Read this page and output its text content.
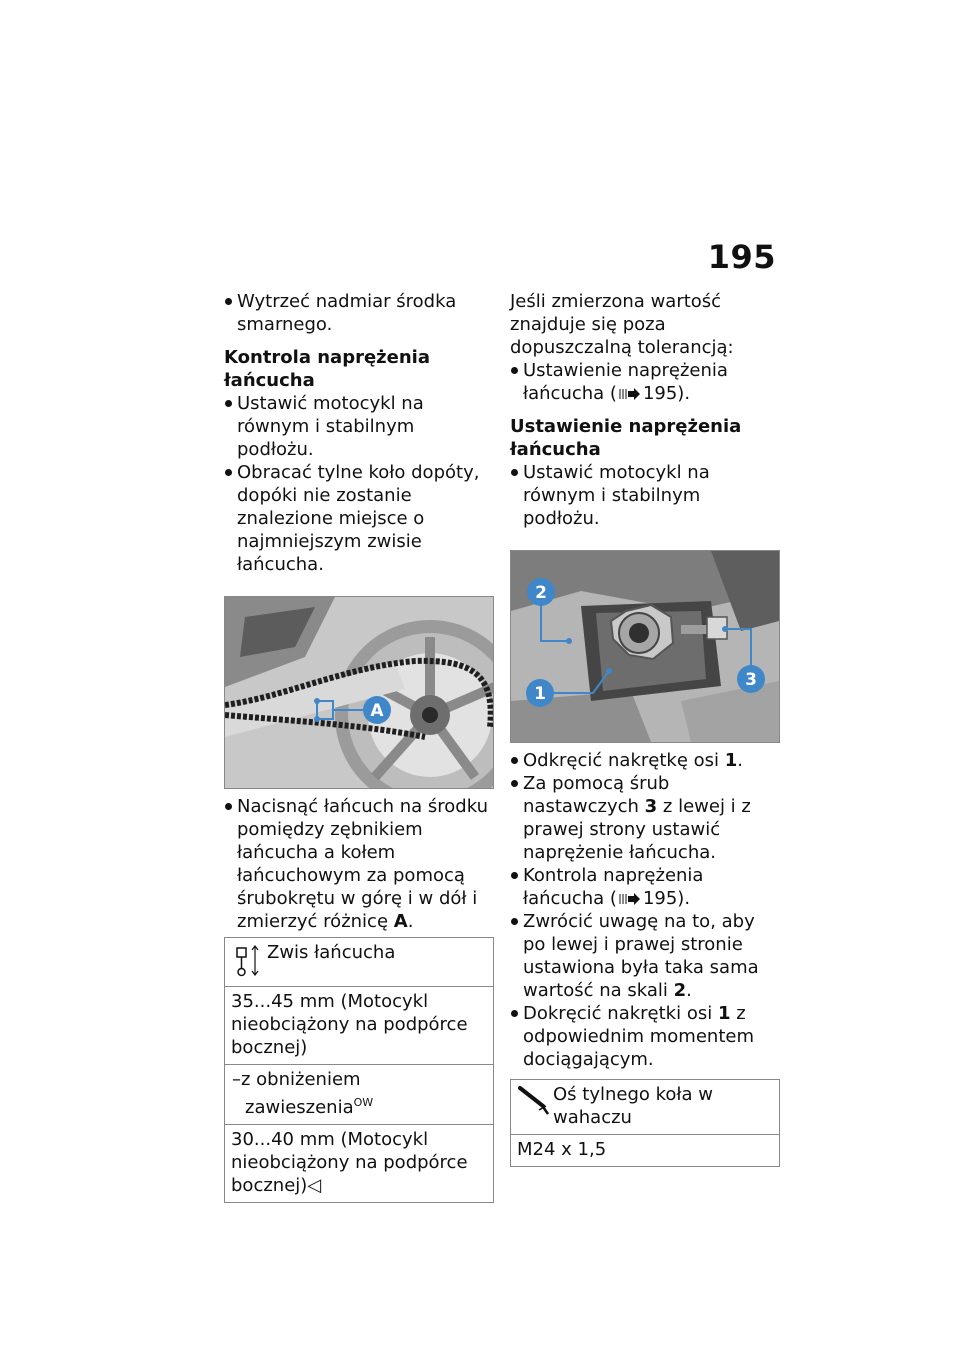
195

Wytrzeć nadmiar środka smarnego.

Kontrola naprężenia łańcucha

Ustawić motocykl na równym i stabilnym podłożu.

Obracać tylne koło dopóty, dopóki nie zostanie znalezione miejsce o najmniejszym zwisie łańcucha.

A

Nacisnąć łańcuch na środku pomiędzy zębnikiem łańcucha a kołem łańcuchowym za pomocą śrubokrętu w górę i w dół i zmierzyć różnicę A.

Zwis łańcucha
35...45 mm (Motocykl nieobciążony na podpórce bocznej)
–z obniżeniem zawieszenia$^{OW}$
30...40 mm (Motocykl nieobciążony na podpórce bocznej)◁

Jeśli zmierzona wartość znajduje się poza dopuszczalną tolerancją:

Ustawienie naprężenia łańcucha ( 195).

Ustawienie naprężenia łańcucha

Ustawić motocykl na równym i stabilnym podłożu.

2
1
3

Odkręcić nakrętkę osi 1.

Za pomocą śrub nastawczych 3 z lewej i z prawej strony ustawić naprężenie łańcucha.

Kontrola naprężenia łańcucha ( 195).

Zwrócić uwagę na to, aby po lewej i prawej stronie ustawiona była taka sama wartość na skali 2.

Dokręcić nakrętki osi 1 z odpowiednim momentem dociągającym.

Oś tylnego koła w wahaczu
M24 x 1,5
